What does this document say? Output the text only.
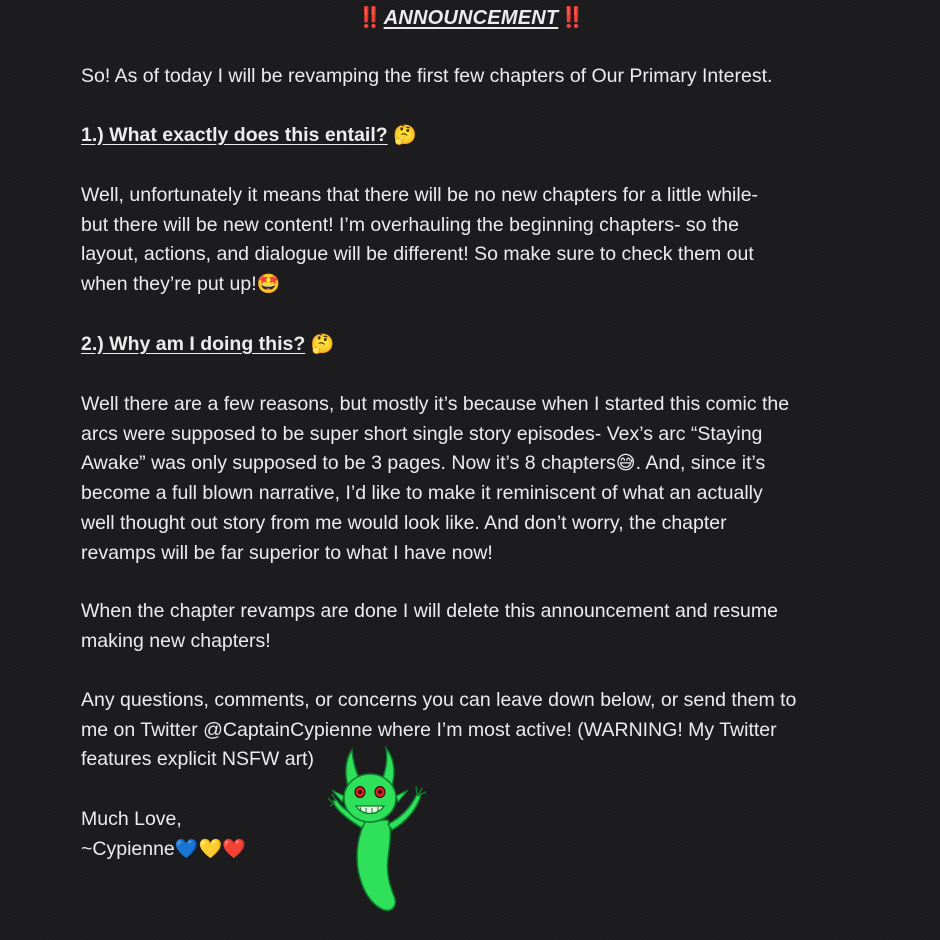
‼️ ANNOUNCEMENT ‼️

So! As of today I will be revamping the first few chapters of Our Primary Interest.

1.) What exactly does this entail? 🤔

Well, unfortunately it means that there will be no new chapters for a little while-
but there will be new content! I’m overhauling the beginning chapters- so the
layout, actions, and dialogue will be different! So make sure to check them out
when they’re put up!🤩

2.) Why am I doing this? 🤔

Well there are a few reasons, but mostly it’s because when I started this comic the
arcs were supposed to be super short single story episodes- Vex’s arc “Staying
Awake” was only supposed to be 3 pages. Now it’s 8 chapters😅. And, since it’s
become a full blown narrative, I’d like to make it reminiscent of what an actually
well thought out story from me would look like. And don’t worry, the chapter
revamps will be far superior to what I have now!

When the chapter revamps are done I will delete this announcement and resume
making new chapters!

Any questions, comments, or concerns you can leave down below, or send them to
me on Twitter @CaptainCypienne where I’m most active! (WARNING! My Twitter
features explicit NSFW art)

Much Love,
~Cypienne💙💛❤️
